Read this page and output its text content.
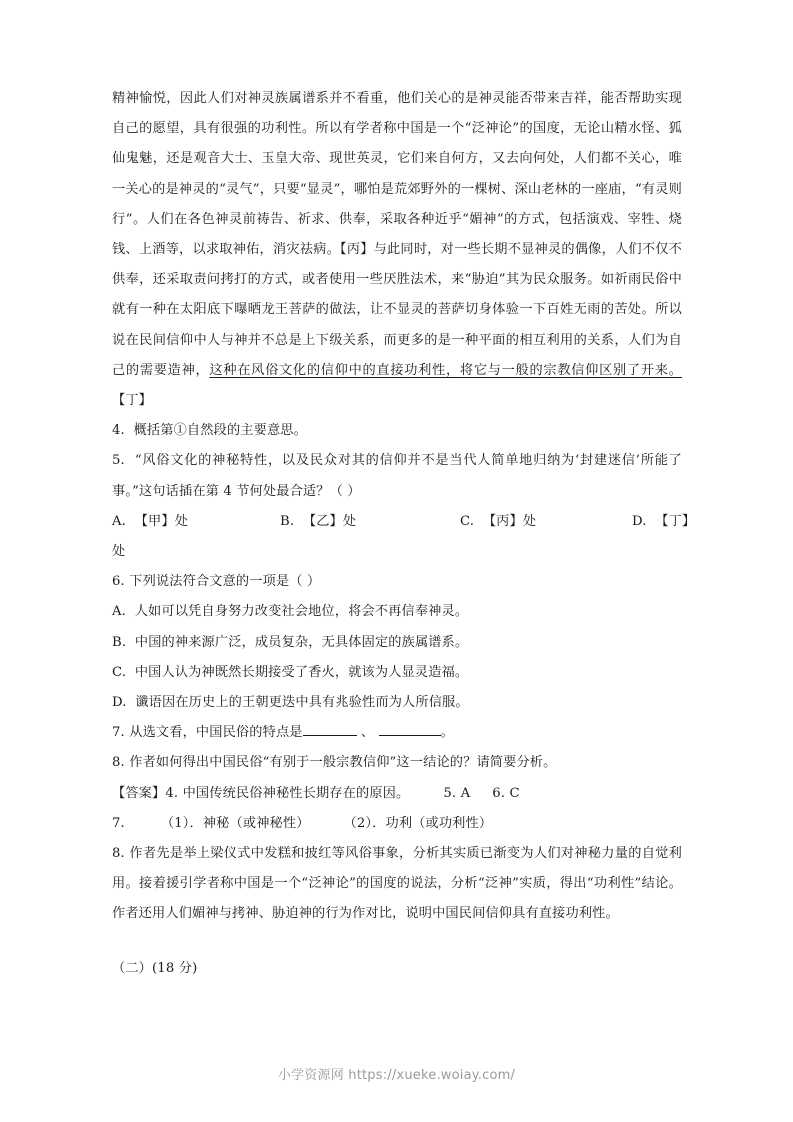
精神愉悦，因此人们对神灵族属谱系并不看重，他们关心的是神灵能否带来吉祥，能否帮助实现自己的愿望，具有很强的功利性。所以有学者称中国是一个“泛神论”的国度，无论山精水怪、狐仙鬼魅，还是观音大士、玉皇大帝、现世英灵，它们来自何方，又去向何处，人们都不关心，唯一关心的是神灵的“灵气”，只要“显灵”，哪怕是荒郊野外的一棵树、深山老林的一座庙，“有灵则行”。人们在各色神灵前祷告、祈求、供奉，采取各种近乎“媚神”的方式，包括演戏、宰牲、烧钱、上酒等，以求取神佑，消灾祛病。【丙】与此同时，对一些长期不显神灵的偶像，人们不仅不供奉，还采取责问拷打的方式，或者使用一些厌胜法术，来“胁迫”其为民众服务。如祈雨民俗中就有一种在太阳底下曝晒龙王菩萨的做法，让不显灵的菩萨切身体验一下百姓无雨的苦处。所以说在民间信仰中人与神并不总是上下级关系，而更多的是一种平面的相互利用的关系，人们为自己的需要造神，这种在风俗文化的信仰中的直接功利性，将它与一般的宗教信仰区别了开来。【丁】

4. 概括第①自然段的主要意思。

5. “风俗文化的神秘特性，以及民众对其的信仰并不是当代人简单地归纳为‘封建迷信’所能了事。”这句话插在第 4 节何处最合适？（ ）

A. 【甲】处	B. 【乙】处	C. 【丙】处	D. 【丁】

处

6. 下列说法符合文意的一项是（ ）

A. 人如可以凭自身努力改变社会地位，将会不再信奉神灵。

B. 中国的神来源广泛，成员复杂，无具体固定的族属谱系。

C. 中国人认为神既然长期接受了香火，就该为人显灵造福。

D. 谶语因在历史上的王朝更迭中具有兆验性而为人所信服。

7. 从选文看，中国民俗的特点是	、	。

8. 作者如何得出中国民俗“有别于一般宗教信仰”这一结论的？请简要分析。

【答案】4. 中国传统民俗神秘性长期存在的原因。	5. A 6. C

7.	（1）．神秘（或神秘性）	（2）．功利（或功利性）

8. 作者先是举上梁仪式中发糕和披红等风俗事象，分析其实质已渐变为人们对神秘力量的自觉利用。接着援引学者称中国是一个“泛神论”的国度的说法，分析“泛神”实质，得出“功利性”结论。作者还用人们媚神与拷神、胁迫神的行为作对比，说明中国民间信仰具有直接功利性。

（二）(18 分)

小学资源网 https://xueke.woiay.com/
